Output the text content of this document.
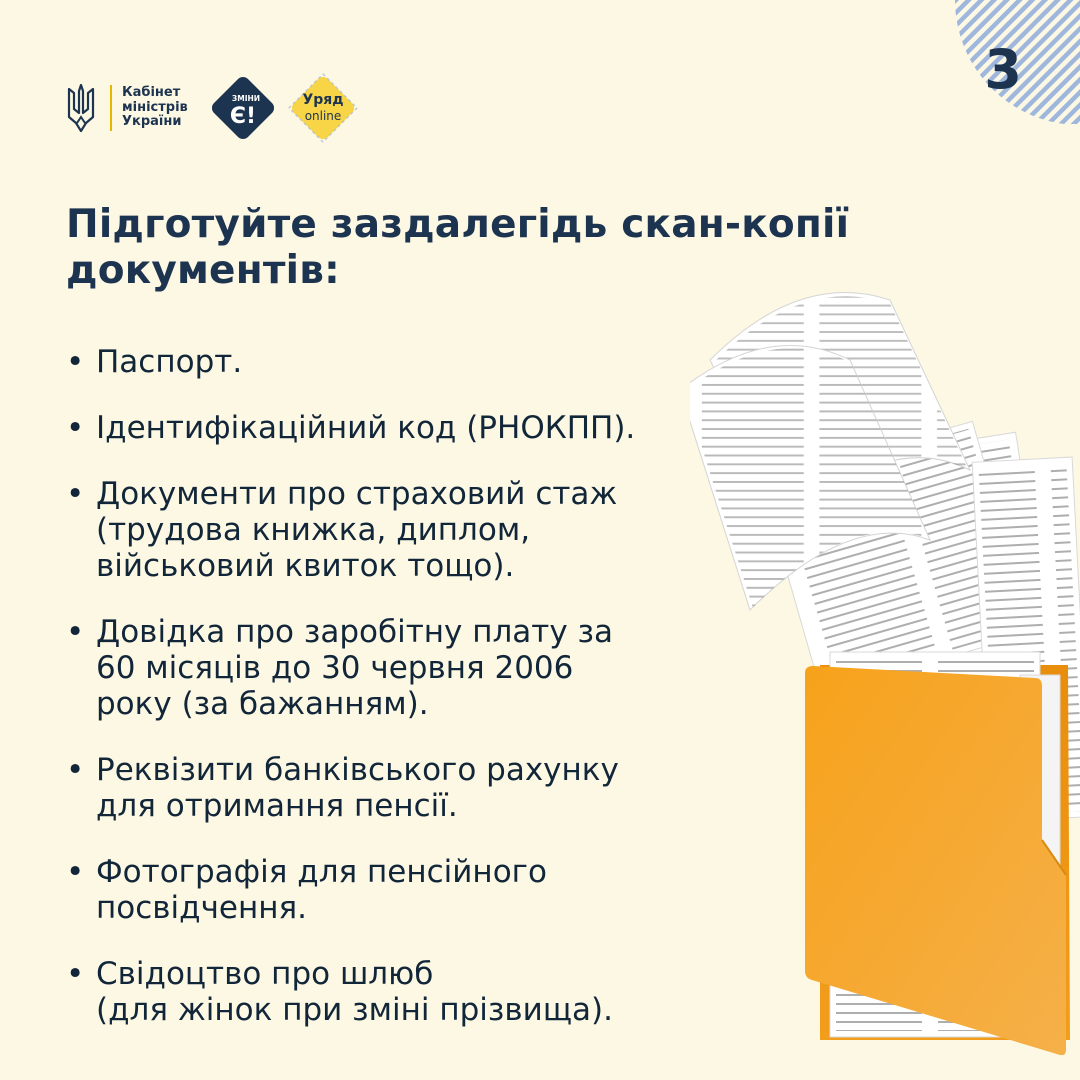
3
Кабінет
міністрів
України
ЗМІНИ
Є!
Уряд
online
Підготуйте заздалегідь скан-копії
документів:
• Паспорт.
• Ідентифікаційний код (РНОКПП).
• Документи про страховий стаж
(трудова книжка, диплом,
військовий квиток тощо).
• Довідка про заробітну плату за
60 місяців до 30 червня 2006
року (за бажанням).
• Реквізити банківського рахунку
для отримання пенсії.
• Фотографія для пенсійного
посвідчення.
• Свідоцтво про шлюб
(для жінок при зміні прізвища).
